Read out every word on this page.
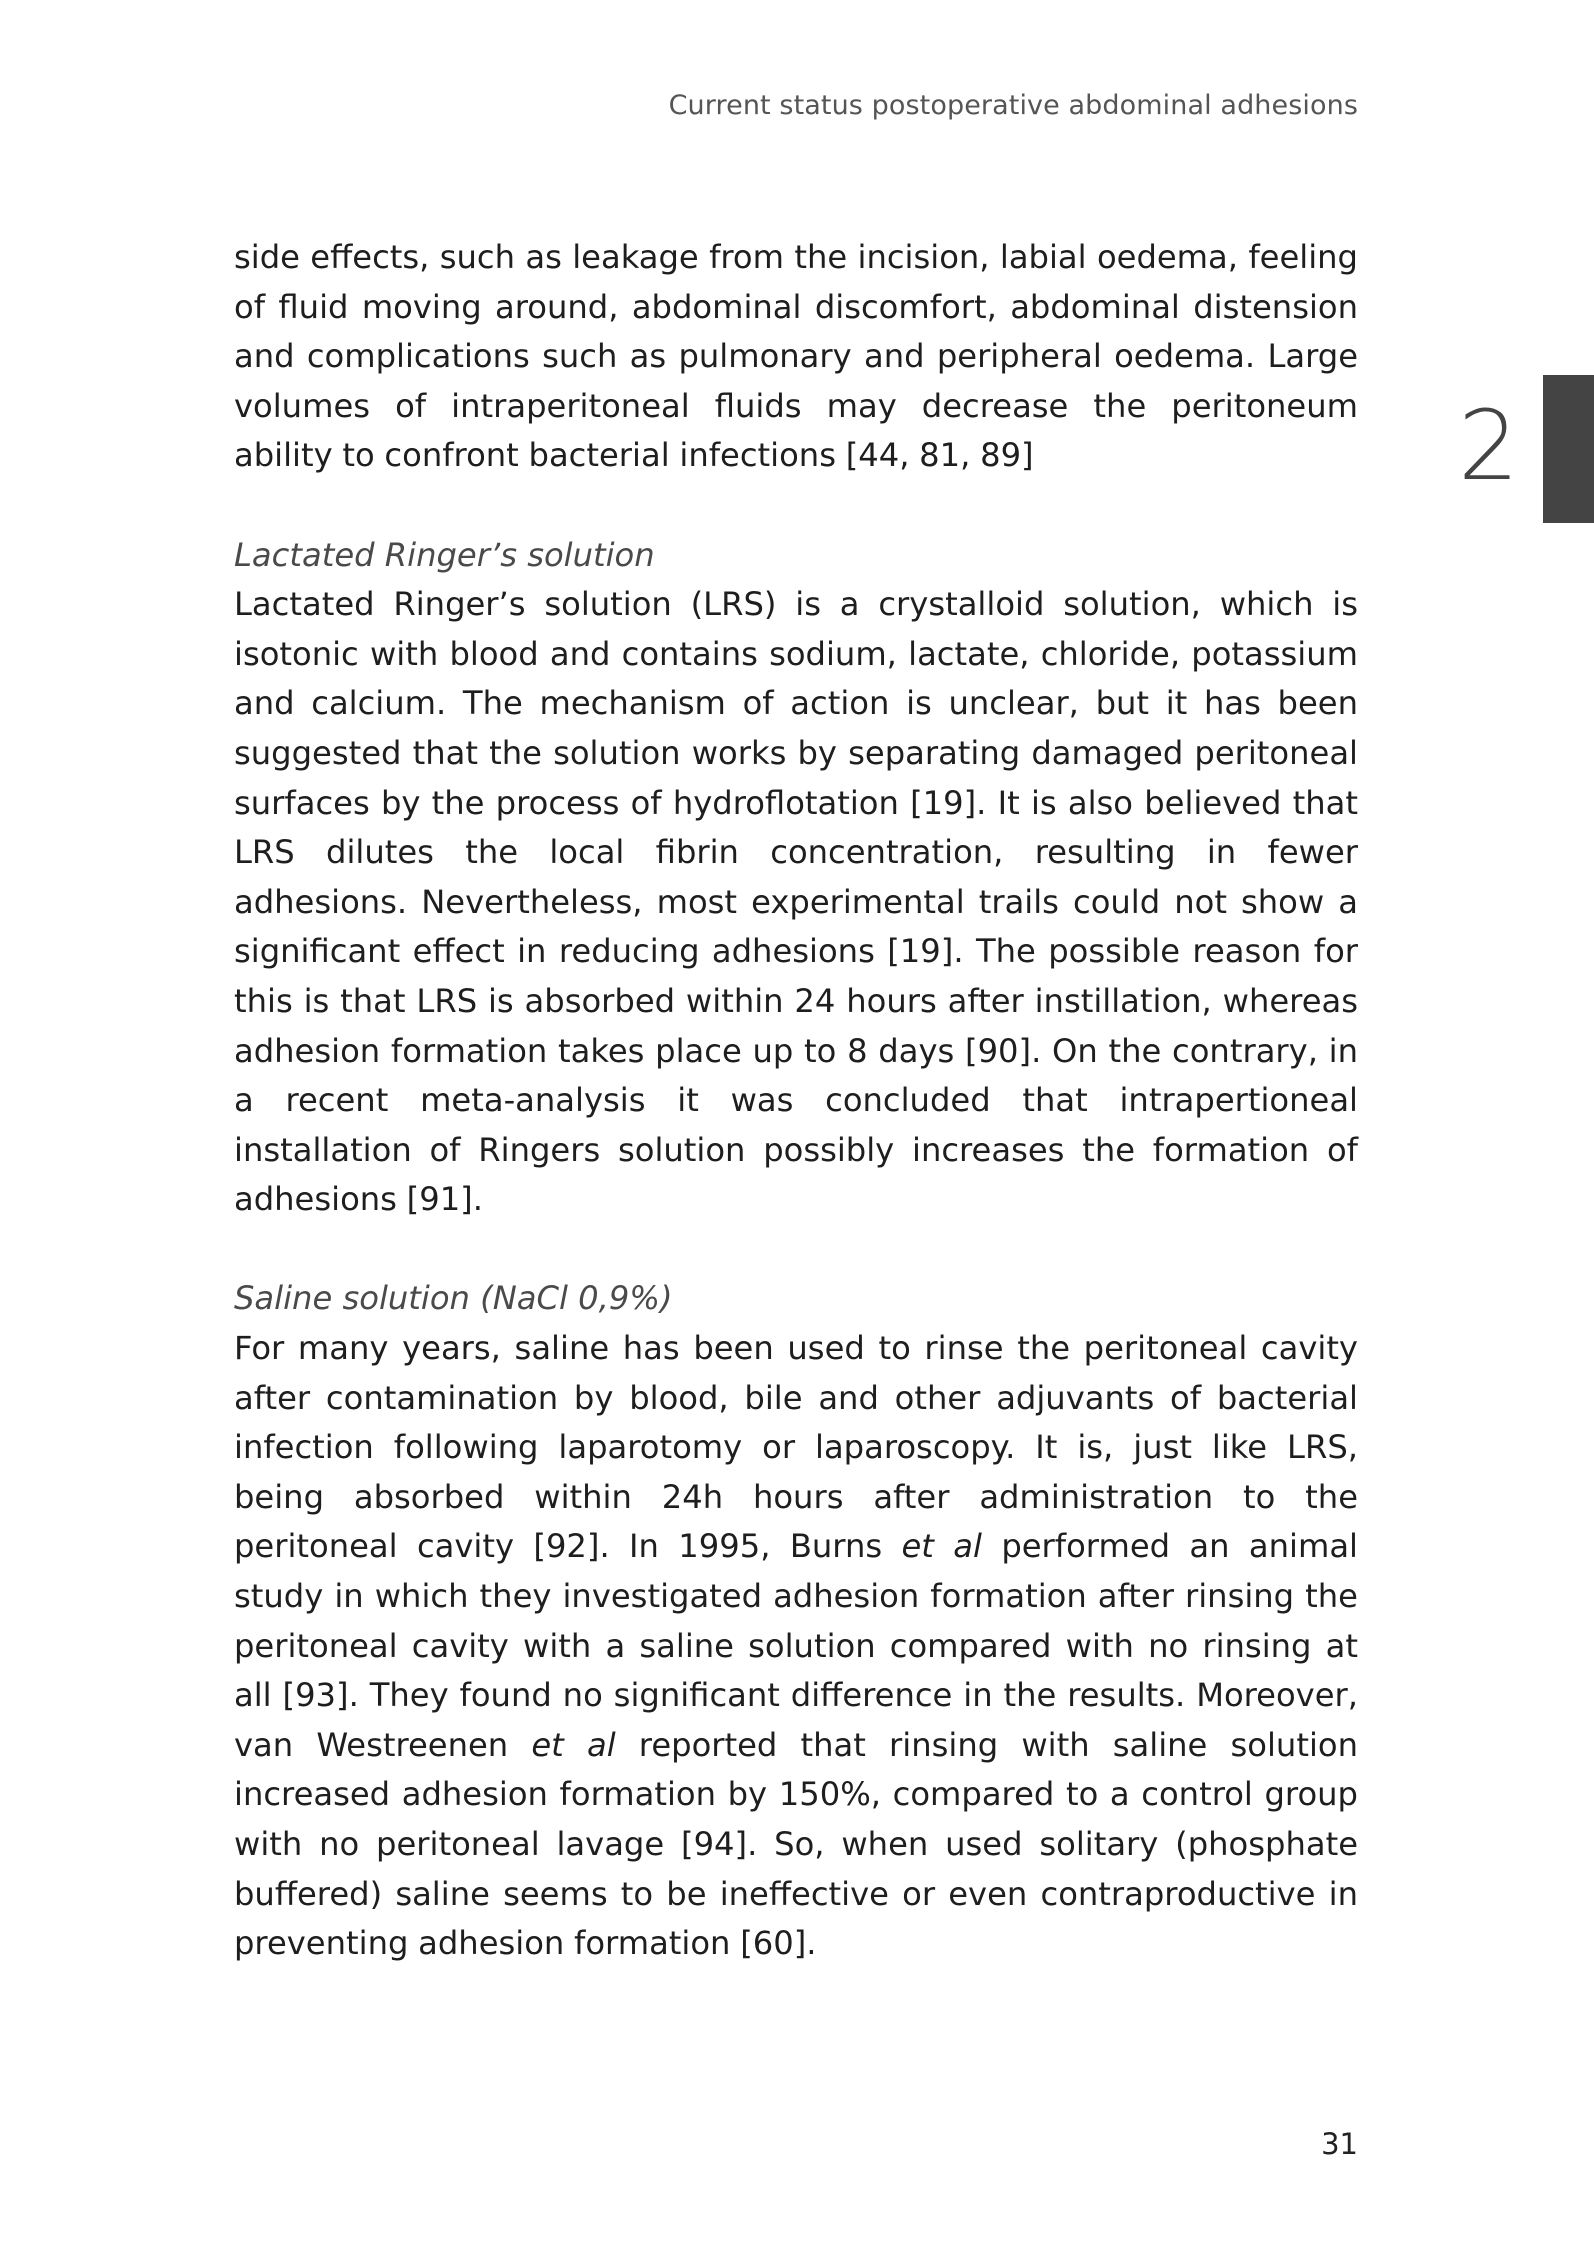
Current status postoperative abdominal adhesions
2

side effects, such as leakage from the incision, labial oedema, feeling of fluid moving around, abdominal discomfort, abdominal distension and complications such as pulmonary and peripheral oedema. Large volumes of intraperitoneal fluids may decrease the peritoneum ability to confront bacterial infections [44, 81, 89]

Lactated Ringer’s solution

Lactated Ringer’s solution (LRS) is a crystalloid solution, which is isotonic with blood and contains sodium, lactate, chloride, potassium and calcium. The mechanism of action is unclear, but it has been suggested that the solution works by separating damaged peritoneal surfaces by the process of hydroflotation [19]. It is also believed that LRS dilutes the local fibrin concentration, resulting in fewer adhesions. Nevertheless, most experimental trails could not show a significant effect in reducing adhesions [19]. The possible reason for this is that LRS is absorbed within 24 hours after instillation, whereas adhesion formation takes place up to 8 days [90]. On the contrary, in a recent meta-analysis it was concluded that intrapertioneal installation of Ringers solution possibly increases the formation of adhesions [91].

Saline solution (NaCl 0,9%)

For many years, saline has been used to rinse the peritoneal cavity after contamination by blood, bile and other adjuvants of bacterial infection following laparotomy or laparoscopy. It is, just like LRS, being absorbed within 24h hours after administration to the peritoneal cavity [92]. In 1995, Burns et al performed an animal study in which they investigated adhesion formation after rinsing the peritoneal cavity with a saline solution compared with no rinsing at all [93]. They found no significant difference in the results. Moreover, van Westreenen et al reported that rinsing with saline solution increased adhesion formation by 150%, compared to a control group with no peritoneal lavage [94]. So, when used solitary (phosphate buffered) saline seems to be ineffective or even contraproductive in preventing adhesion formation [60].

31
